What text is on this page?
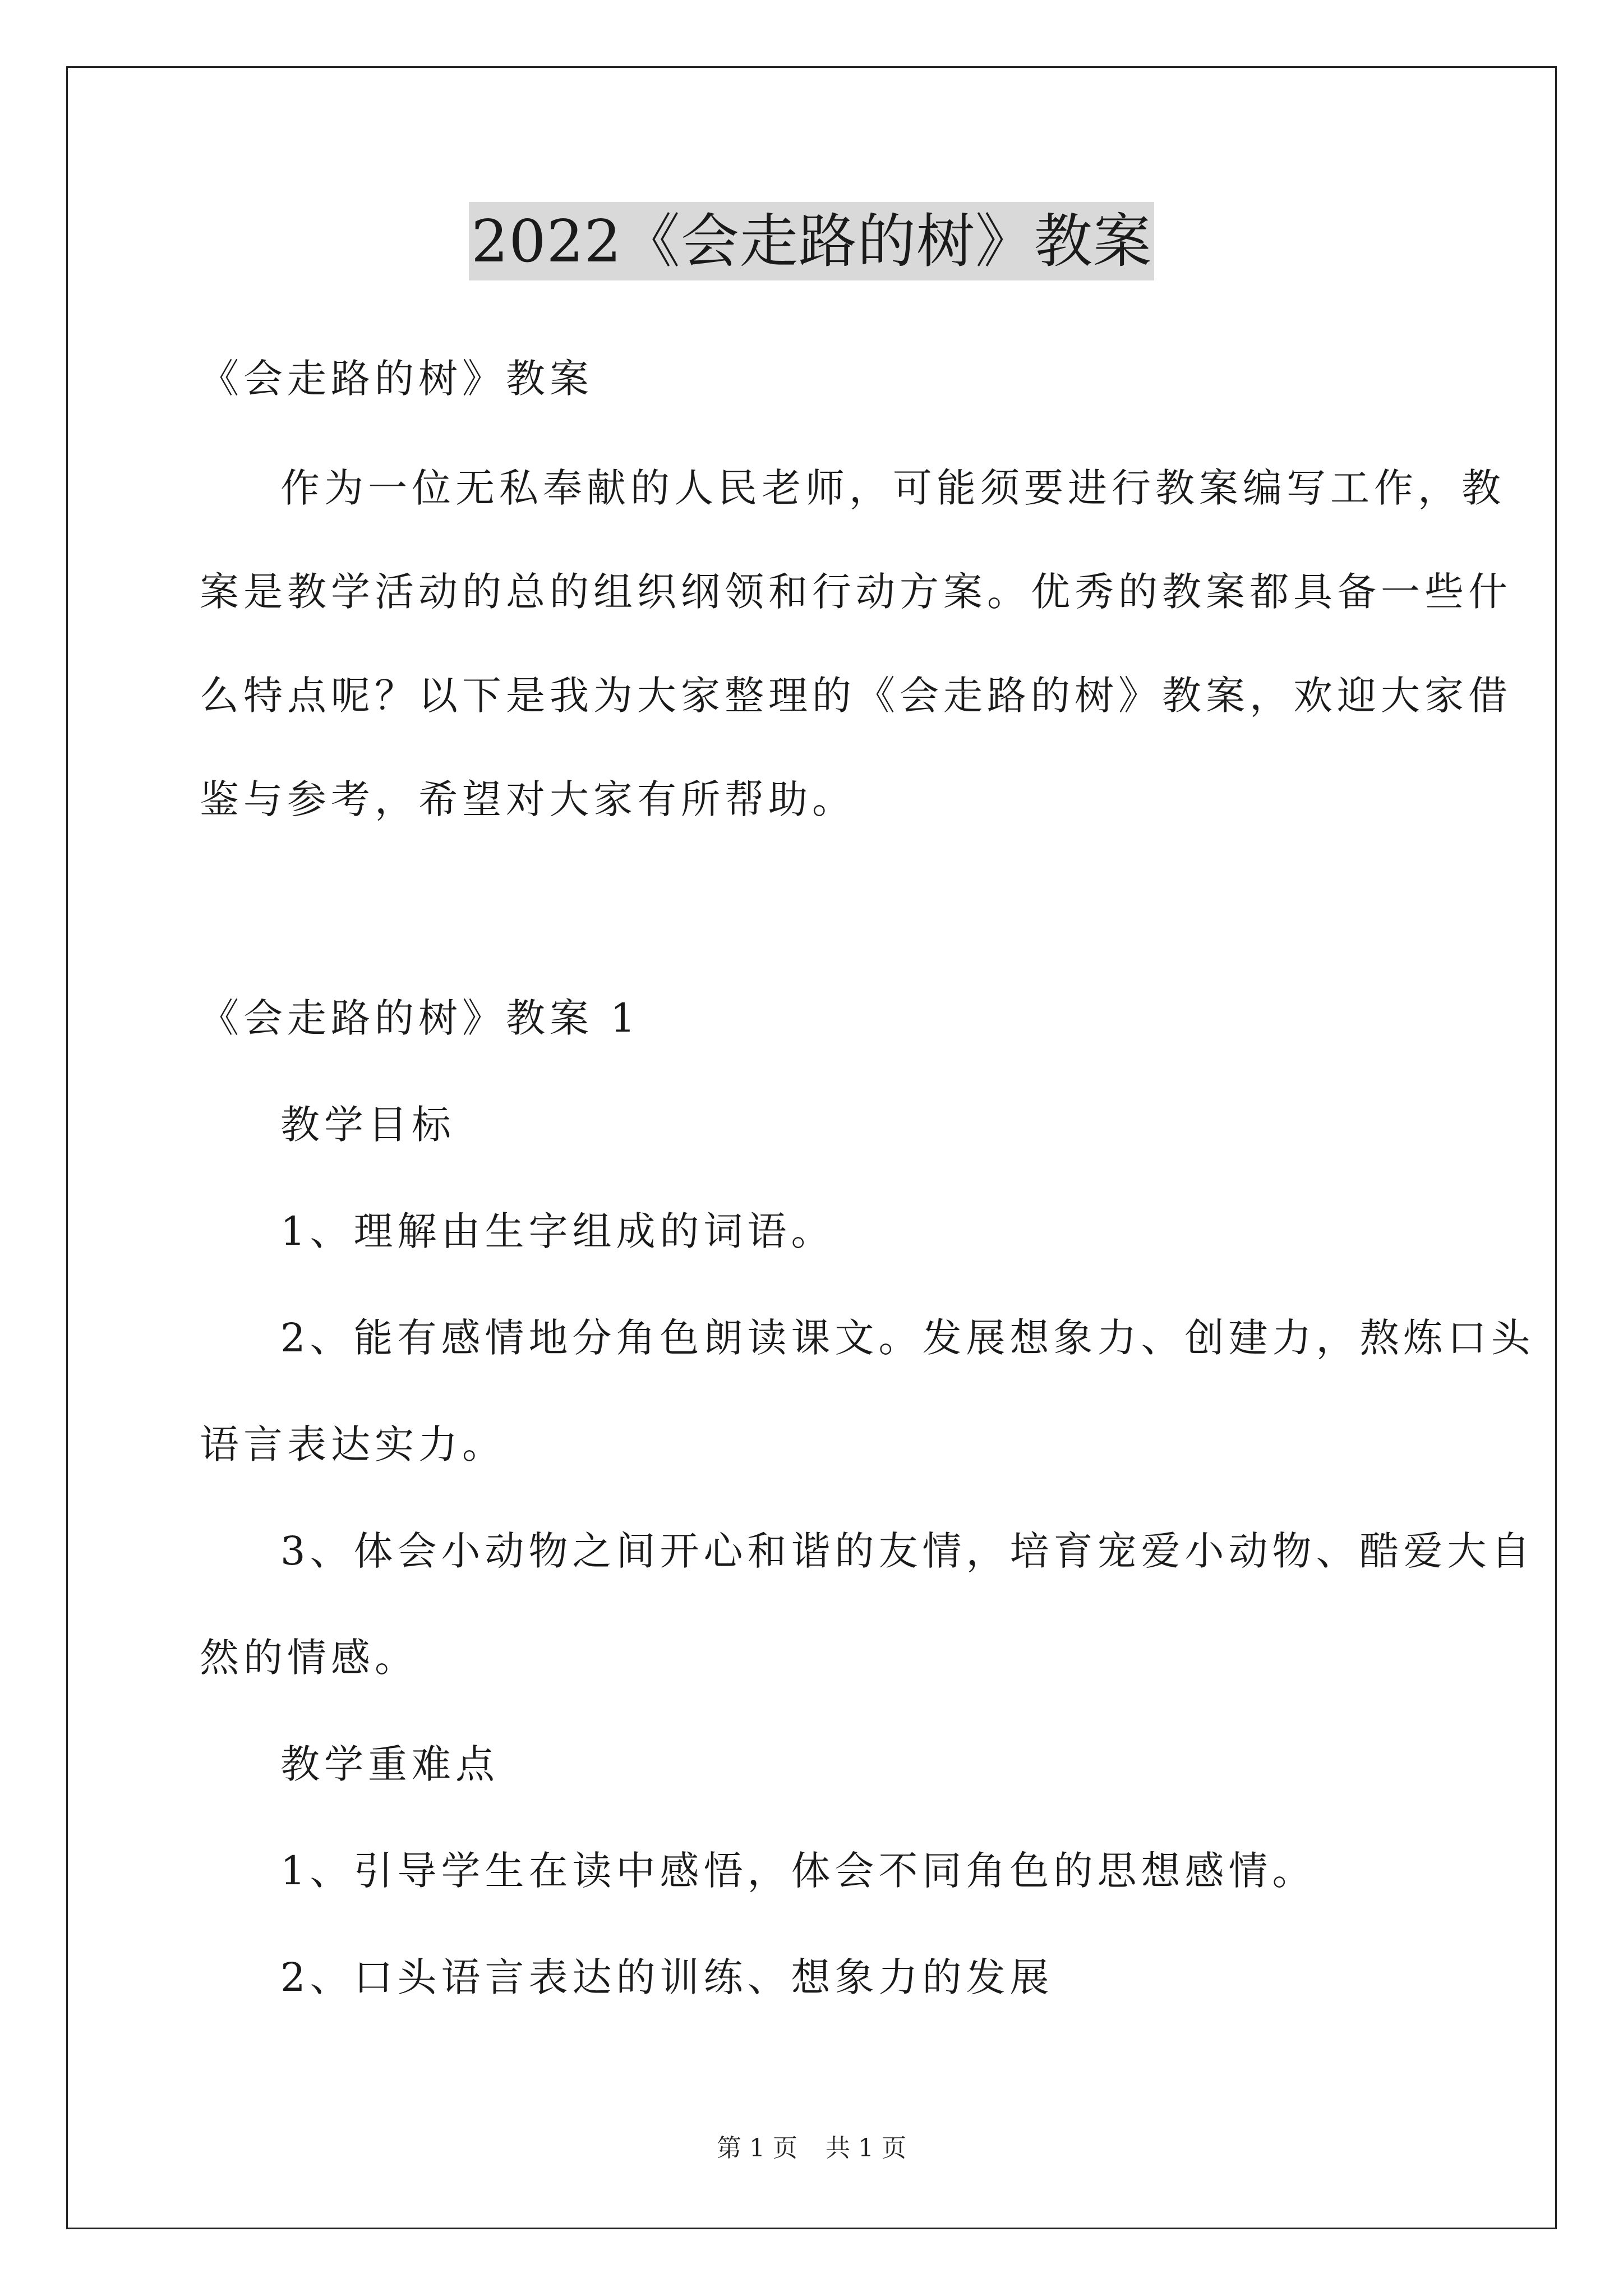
2022《会走路的树》教案
《会走路的树》教案
作为一位无私奉献的人民老师，可能须要进行教案编写工作，教
案是教学活动的总的组织纲领和行动方案。优秀的教案都具备一些什
么特点呢？以下是我为大家整理的《会走路的树》教案，欢迎大家借
鉴与参考，希望对大家有所帮助。
《会走路的树》教案 1
教学目标
1、理解由生字组成的词语。
2、能有感情地分角色朗读课文。发展想象力、创建力，熬炼口头
语言表达实力。
3、体会小动物之间开心和谐的友情，培育宠爱小动物、酷爱大自
然的情感。
教学重难点
1、引导学生在读中感悟，体会不同角色的思想感情。
2、口头语言表达的训练、想象力的发展
第 1 页 共 1 页
